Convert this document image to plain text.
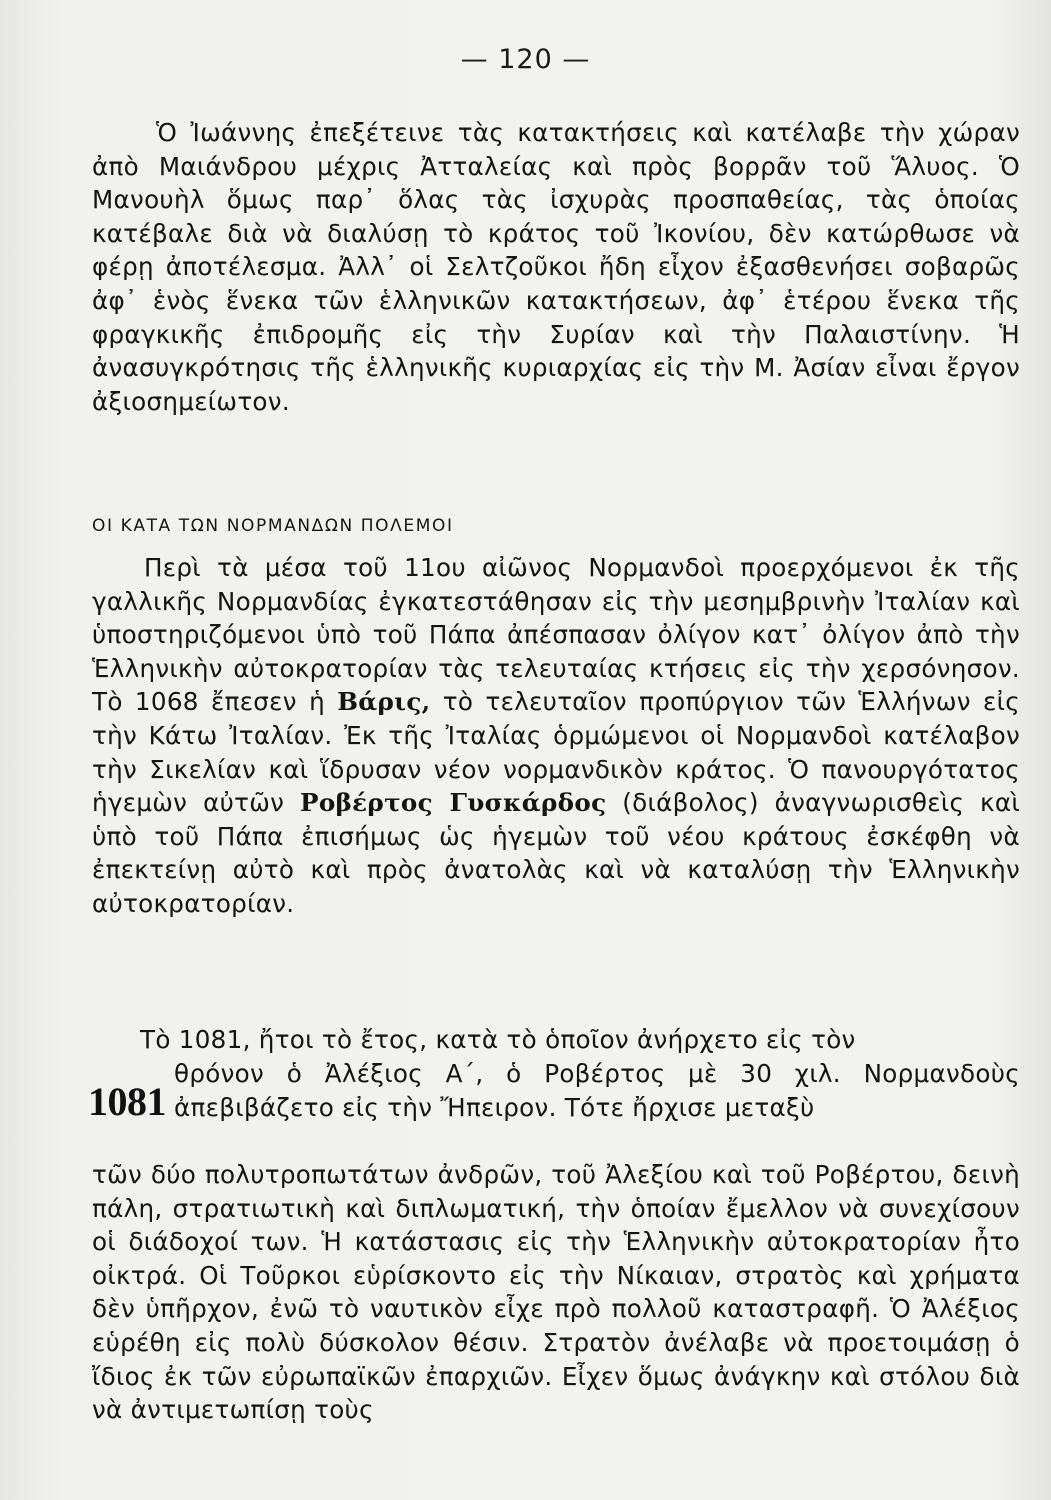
— 120 —
Ὁ Ἰωάννης ἐπεξέτεινε τὰς κατακτήσεις καὶ κατέλαβε τὴν χώραν ἀπὸ Μαιάνδρου μέχρις Ἀτταλείας καὶ πρὸς βορρᾶν τοῦ Ἅλυος. Ὁ Μανουὴλ ὅμως παρ᾽ ὅλας τὰς ἰσχυρὰς προσπαθείας, τὰς ὁποίας κατέβαλε διὰ νὰ διαλύσῃ τὸ κράτος τοῦ Ἰκονίου, δὲν κατώρθωσε νὰ φέρῃ ἀποτέλεσμα. Ἀλλ᾽ οἱ Σελτζοῦκοι ἤδη εἶχον ἐξασθενήσει σοβαρῶς ἀφ᾽ ἑνὸς ἕνεκα τῶν ἑλληνικῶν κατακτήσεων, ἀφ᾽ ἑτέρου ἕνεκα τῆς φραγκικῆς ἐπιδρομῆς εἰς τὴν Συρίαν καὶ τὴν Παλαιστίνην. Ἡ ἀνασυγκρότησις τῆς ἑλληνικῆς κυριαρχίας εἰς τὴν Μ. Ἀσίαν εἶναι ἔργον ἀξιοσημείωτον.
ΟΙ ΚΑΤΑ ΤΩΝ ΝΟΡΜΑΝΔΩΝ ΠΟΛΕΜΟΙ
Περὶ τὰ μέσα τοῦ 11ου αἰῶνος Νορμανδοὶ προερχόμενοι ἐκ τῆς γαλλικῆς Νορμανδίας ἐγκατεστάθησαν εἰς τὴν μεσημβρινὴν Ἰταλίαν καὶ ὑποστηριζόμενοι ὑπὸ τοῦ Πάπα ἀπέσπασαν ὀλίγον κατ᾽ ὀλίγον ἀπὸ τὴν Ἑλληνικὴν αὐτοκρατορίαν τὰς τελευταίας κτήσεις εἰς τὴν χερσόνησον. Τὸ 1068 ἔπεσεν ἡ Βάρις, τὸ τελευταῖον προπύργιον τῶν Ἑλλήνων εἰς τὴν Κάτω Ἰταλίαν. Ἐκ τῆς Ἰταλίας ὁρμώμενοι οἱ Νορμανδοὶ κατέλαβον τὴν Σικελίαν καὶ ἵδρυσαν νέον νορμανδικὸν κράτος. Ὁ πανουργότατος ἡγεμὼν αὐτῶν Ροβέρτος Γυσκάρδος (διάβολος) ἀναγνωρισθεὶς καὶ ὑπὸ τοῦ Πάπα ἐπισήμως ὡς ἡγεμὼν τοῦ νέου κράτους ἐσκέφθη νὰ ἐπεκτείνῃ αὐτὸ καὶ πρὸς ἀνατολὰς καὶ νὰ καταλύσῃ τὴν Ἑλληνικὴν αὐτοκρατορίαν.
Τὸ 1081, ἤτοι τὸ ἔτος, κατὰ τὸ ὁποῖον ἀνήρχετο εἰς τὸν
1081
θρόνον ὁ Ἀλέξιος Α΄, ὁ Ροβέρτος μὲ 30 χιλ. Νορμανδοὺς ἀπεβιβάζετο εἰς τὴν Ἤπειρον. Τότε ἤρχισε μεταξὺ
τῶν δύο πολυτροπωτάτων ἀνδρῶν, τοῦ Ἀλεξίου καὶ τοῦ Ροβέρτου, δεινὴ πάλη, στρατιωτικὴ καὶ διπλωματική, τὴν ὁποίαν ἔμελλον νὰ συνεχίσουν οἱ διάδοχοί των. Ἡ κατάστασις εἰς τὴν Ἑλληνικὴν αὐτοκρατορίαν ἦτο οἰκτρά. Οἱ Τοῦρκοι εὑρίσκοντο εἰς τὴν Νίκαιαν, στρατὸς καὶ χρήματα δὲν ὑπῆρχον, ἐνῶ τὸ ναυτικὸν εἶχε πρὸ πολλοῦ καταστραφῆ. Ὁ Ἀλέξιος εὑρέθη εἰς πολὺ δύσκολον θέσιν. Στρατὸν ἀνέλαβε νὰ προετοιμάσῃ ὁ ἴδιος ἐκ τῶν εὐρωπαϊκῶν ἐπαρχιῶν. Εἶχεν ὅμως ἀνάγκην καὶ στόλου διὰ νὰ ἀντιμετωπίσῃ τοὺς
